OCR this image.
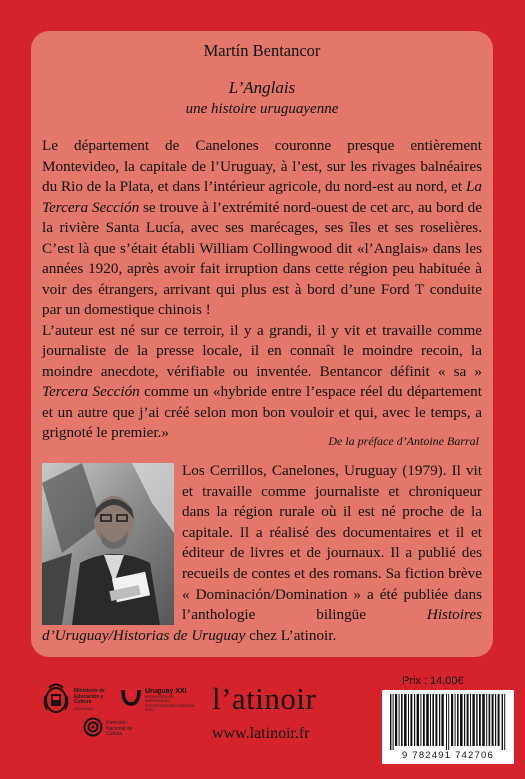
Martín Bentancor
L’Anglais
une histoire uruguayenne

Le département de Canelones couronne presque entièrement Montevideo, la capitale de l’Uruguay, à l’est, sur les rivages balnéaires du Rio de la Plata, et dans l’intérieur agricole, du nord-est au nord, et La Tercera Sección se trouve à l’extrémité nord-ouest de cet arc, au bord de la rivière Santa Lucía, avec ses marécages, ses îles et ses roselières. C’est là que s’était établi William Collingwood dit «l’Anglais» dans les années 1920, après avoir fait irruption dans cette région peu habituée à voir des étrangers, arrivant qui plus est à bord d’une Ford T conduite par un domestique chinois !

L’auteur est né sur ce terroir, il y a grandi, il y vit et travaille comme journaliste de la presse locale, il en connaît le moindre recoin, la moindre anecdote, vérifiable ou inventée. Bentancor définit « sa » Tercera Sección comme un «hybride entre l’espace réel du département et un autre que j’ai créé selon mon bon vouloir et qui, avec le temps, a grignoté le premier.»	De la préface d’Antoine Barral

Los Cerrillos, Canelones, Uruguay (1979). Il vit et travaille comme journaliste et chroniqueur dans la région rurale où il est né proche de la capitale. Il a réalisé des documentaires et il et éditeur de livres et de journaux. Il a publié des recueils de contes et des romans. Sa fiction brève « Dominación/Domination » a été publiée dans l’anthologie bilingüe Histoires d’Uruguay/Historias de Uruguay chez L’atinoir.

Ministerio de Educación y Cultura
URUGUAY
Uruguay XXI
PROMOCIÓN DE INVERSIONES, EXPORTACIONES E IMAGEN PAÍS
Dirección Nacional de Cultura
l’atinoir
www.latinoir.fr
Prix : 14,00€
9 782491 742706
